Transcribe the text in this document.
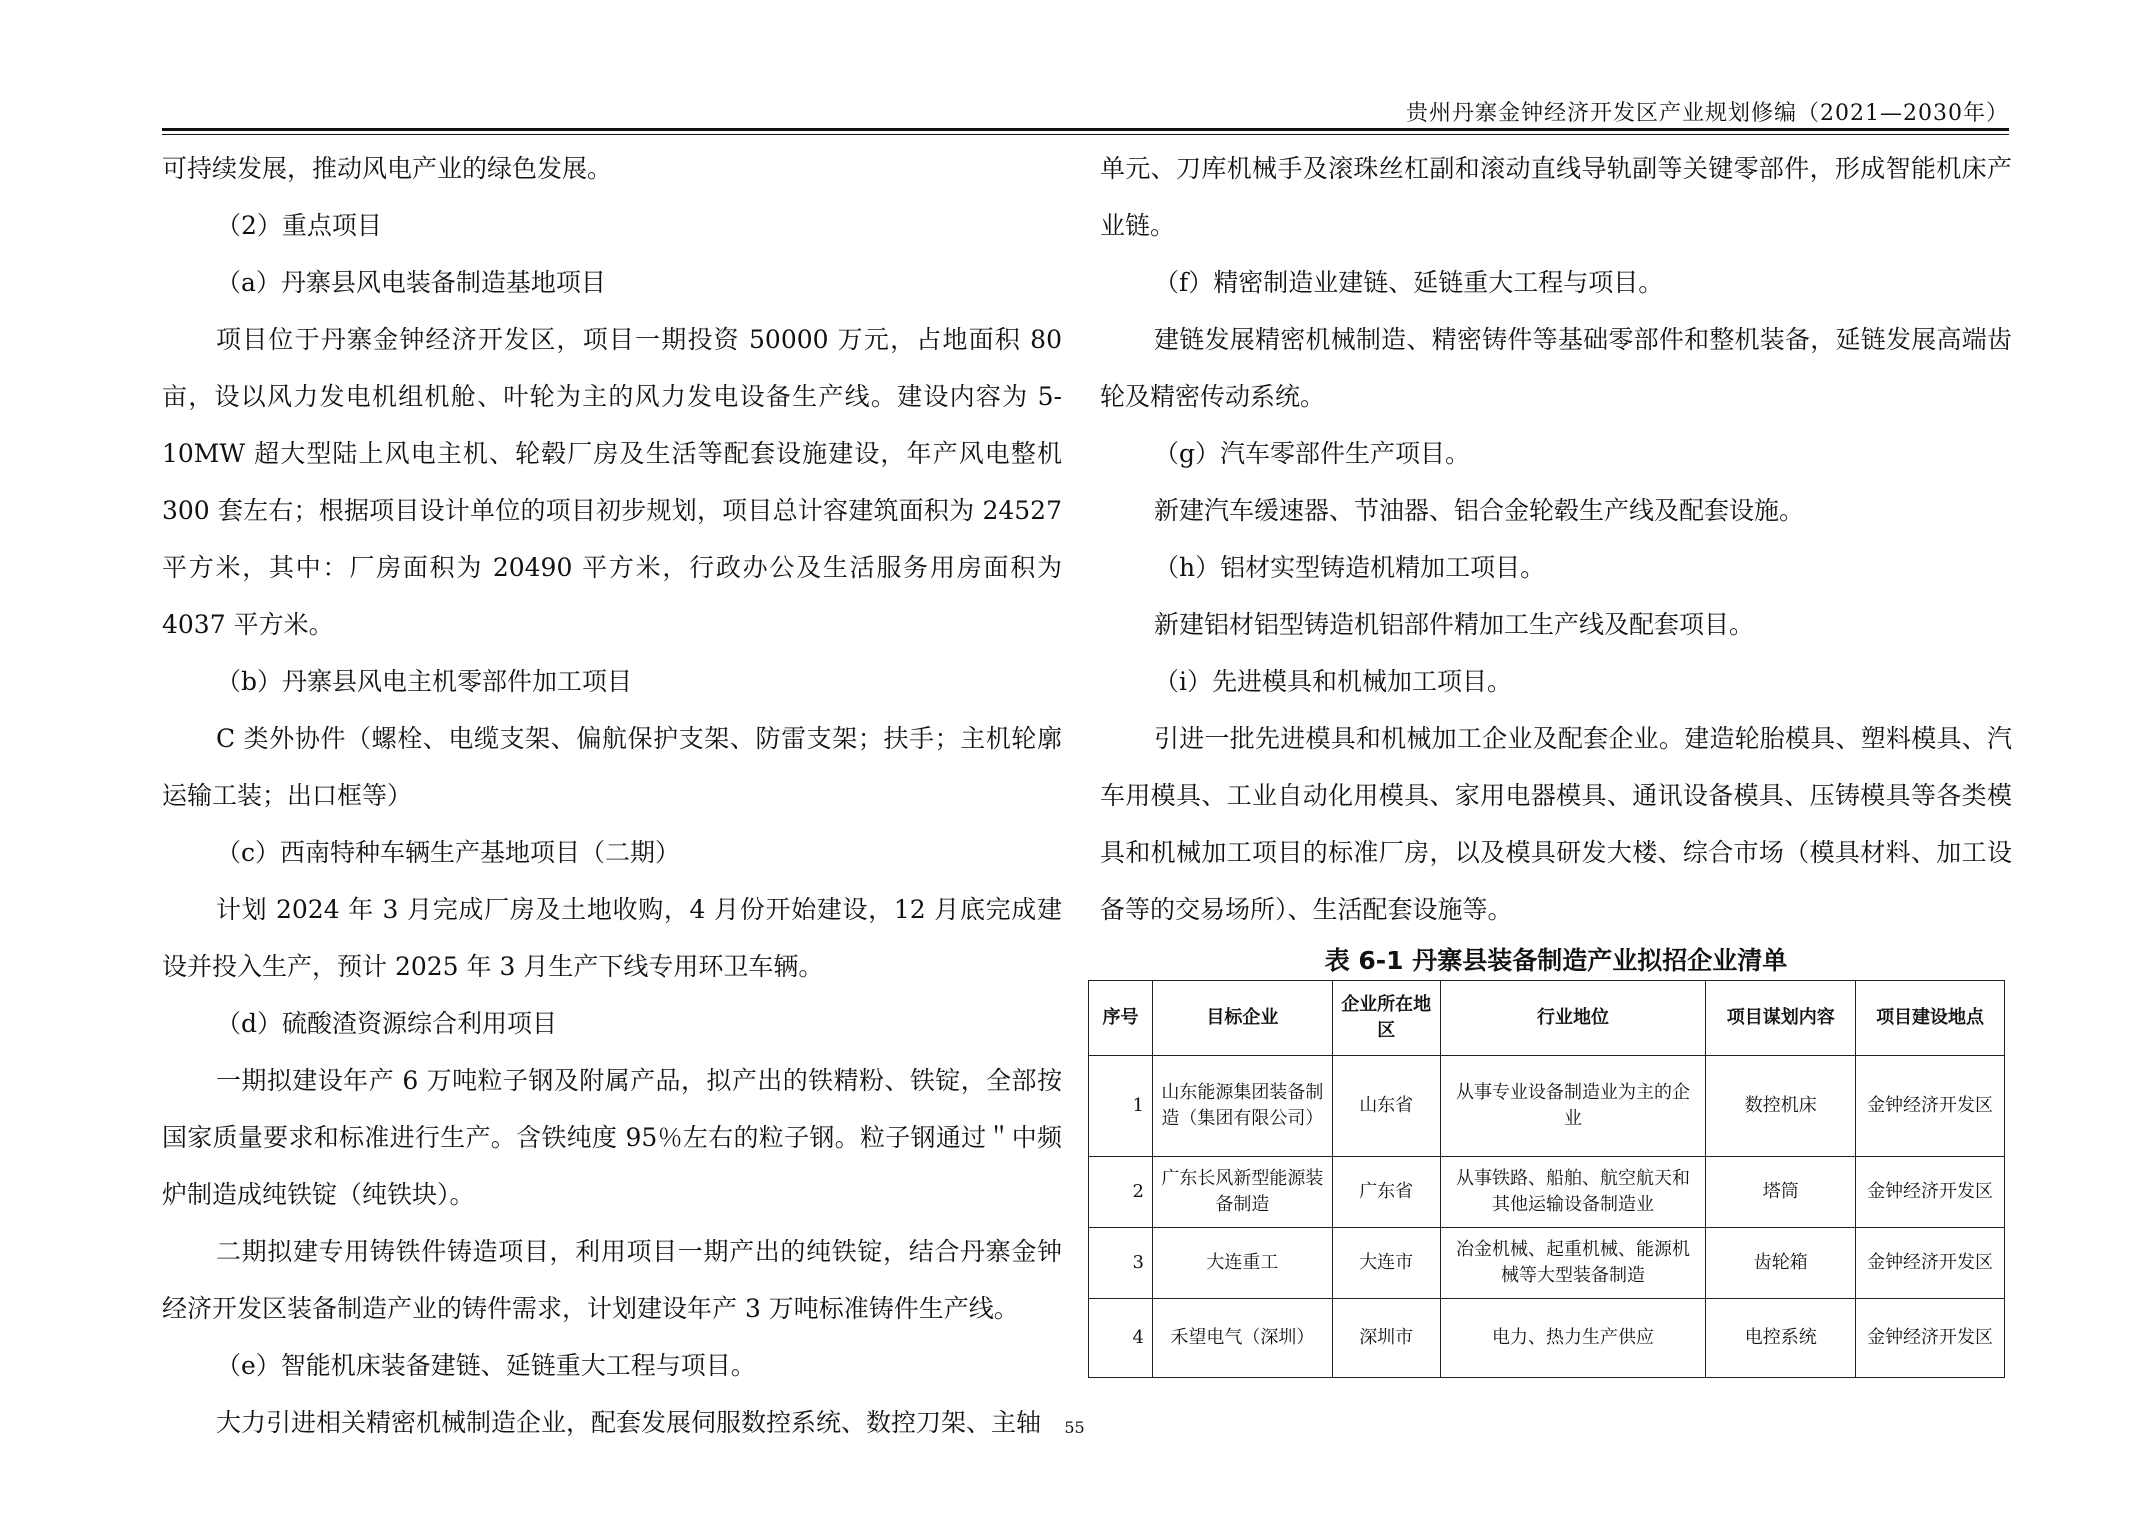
贵州丹寨金钟经济开发区产业规划修编（2021—2030年）

可持续发展，推动风电产业的绿色发展。

（2）重点项目

（a）丹寨县风电装备制造基地项目

项目位于丹寨金钟经济开发区，项目一期投资 50000 万元，占地面积 80 亩，设以风力发电机组机舱、叶轮为主的风力发电设备生产线。建设内容为 5-10MW 超大型陆上风电主机、轮毂厂房及生活等配套设施建设，年产风电整机 300 套左右；根据项目设计单位的项目初步规划，项目总计容建筑面积为 24527 平方米，其中：厂房面积为 20490 平方米，行政办公及生活服务用房面积为 4037 平方米。

（b）丹寨县风电主机零部件加工项目

C 类外协件（螺栓、电缆支架、偏航保护支架、防雷支架；扶手；主机轮廓运输工装；出口框等）

（c）西南特种车辆生产基地项目（二期）

计划 2024 年 3 月完成厂房及土地收购，4 月份开始建设，12 月底完成建设并投入生产，预计 2025 年 3 月生产下线专用环卫车辆。

（d）硫酸渣资源综合利用项目

一期拟建设年产 6 万吨粒子钢及附属产品，拟产出的铁精粉、铁锭，全部按国家质量要求和标准进行生产。含铁纯度 95％左右的粒子钢。粒子钢通过＂中频炉制造成纯铁锭（纯铁块）。

二期拟建专用铸铁件铸造项目，利用项目一期产出的纯铁锭，结合丹寨金钟经济开发区装备制造产业的铸件需求，计划建设年产 3 万吨标准铸件生产线。

（e）智能机床装备建链、延链重大工程与项目。

大力引进相关精密机械制造企业，配套发展伺服数控系统、数控刀架、主轴

单元、刀库机械手及滚珠丝杠副和滚动直线导轨副等关键零部件，形成智能机床产业链。

（f）精密制造业建链、延链重大工程与项目。

建链发展精密机械制造、精密铸件等基础零部件和整机装备，延链发展高端齿轮及精密传动系统。

（g）汽车零部件生产项目。

新建汽车缓速器、节油器、铝合金轮毂生产线及配套设施。

（h）铝材实型铸造机精加工项目。

新建铝材铝型铸造机铝部件精加工生产线及配套项目。

（i）先进模具和机械加工项目。

引进一批先进模具和机械加工企业及配套企业。建造轮胎模具、塑料模具、汽车用模具、工业自动化用模具、家用电器模具、通讯设备模具、压铸模具等各类模具和机械加工项目的标准厂房，以及模具研发大楼、综合市场（模具材料、加工设备等的交易场所）、生活配套设施等。

表 6-1 丹寨县装备制造产业拟招企业清单
序号	目标企业	企业所在地区	行业地位	项目谋划内容	项目建设地点
1	山东能源集团装备制造（集团有限公司）	山东省	从事专业设备制造业为主的企业	数控机床	金钟经济开发区
2	广东长风新型能源装备制造	广东省	从事铁路、船舶、航空航天和其他运输设备制造业	塔筒	金钟经济开发区
3	大连重工	大连市	冶金机械、起重机械、能源机械等大型装备制造	齿轮箱	金钟经济开发区
4	禾望电气（深圳）	深圳市	电力、热力生产供应	电控系统	金钟经济开发区
55
